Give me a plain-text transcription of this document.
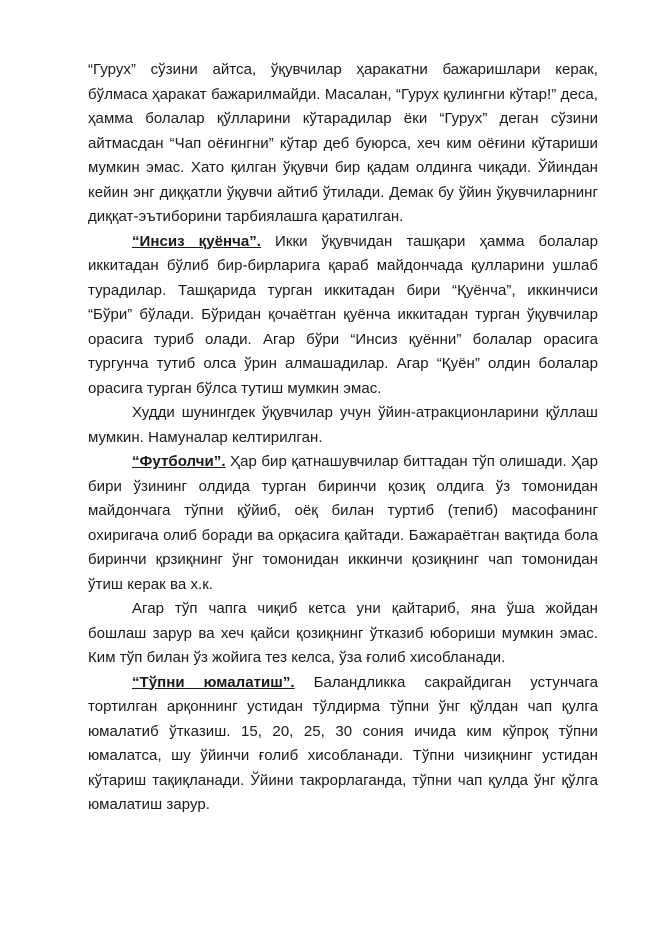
“Гурух” сўзини айтса, ўқувчилар ҳаракатни бажаришлари керак, бўлмаса ҳаракат бажарилмайди. Масалан, “Гурух қулингни кўтар!” деса, ҳамма болалар қўлларини кўтарадилар ёки “Гурух” деган сўзини айтмасдан “Чап оёғингни” кўтар деб буюрса, хеч ким оёғини кўтариши мумкин эмас. Хато қилган ўқувчи бир қадам олдинга чиқади. Ўйиндан кейин энг диққатли ўқувчи айтиб ўтилади. Демак бу ўйин ўқувчиларнинг диққат-эътиборини тарбиялашга қаратилган.

“Инсиз қуёнча”. Икки ўқувчидан ташқари ҳамма болалар иккитадан бўлиб бир-бирларига қараб майдончада қулларини ушлаб турадилар. Ташқарида турган иккитадан бири “Қуёнча”, иккинчиси “Бўри” бўлади. Бўридан қочаётган қуёнча иккитадан турган ўқувчилар орасига туриб олади. Агар бўри “Инсиз қуённи” болалар орасига тургунча тутиб олса ўрин алмашадилар. Агар “Қуён” олдин болалар орасига турган бўлса тутиш мумкин эмас.

Худди шунингдек ўқувчилар учун ўйин-атракционларини қўллаш мумкин. Намуналар келтирилган.

“Футболчи”. Ҳар бир қатнашувчилар биттадан тўп олишади. Ҳар бири ўзининг олдида турган биринчи қозиқ олдига ўз томонидан майдончага тўпни қўйиб, оёқ билан туртиб (тепиб) масофанинг охиригача олиб боради ва орқасига қайтади. Бажараётган вақтида бола биринчи қрзиқнинг ўнг томонидан иккинчи қозиқнинг чап томонидан ўтиш керак ва х.к.

Агар тўп чапга чиқиб кетса уни қайтариб, яна ўша жойдан бошлаш зарур ва хеч қайси қозиқнинг ўтказиб юбориши мумкин эмас. Ким тўп билан ўз жойига тез келса, ўза ғолиб хисобланади.

“Тўпни юмалатиш”. Баландликка сакрайдиган устунчага тортилган арқоннинг устидан тўлдирма тўпни ўнг қўлдан чап қулга юмалатиб ўтказиш. 15, 20, 25, 30 сония ичида ким кўпроқ тўпни юмалатса, шу ўйинчи ғолиб хисобланади. Тўпни чизиқнинг устидан кўтариш тақиқланади. Ўйини такрорлаганда, тўпни чап қулда ўнг қўлга юмалатиш зарур.
